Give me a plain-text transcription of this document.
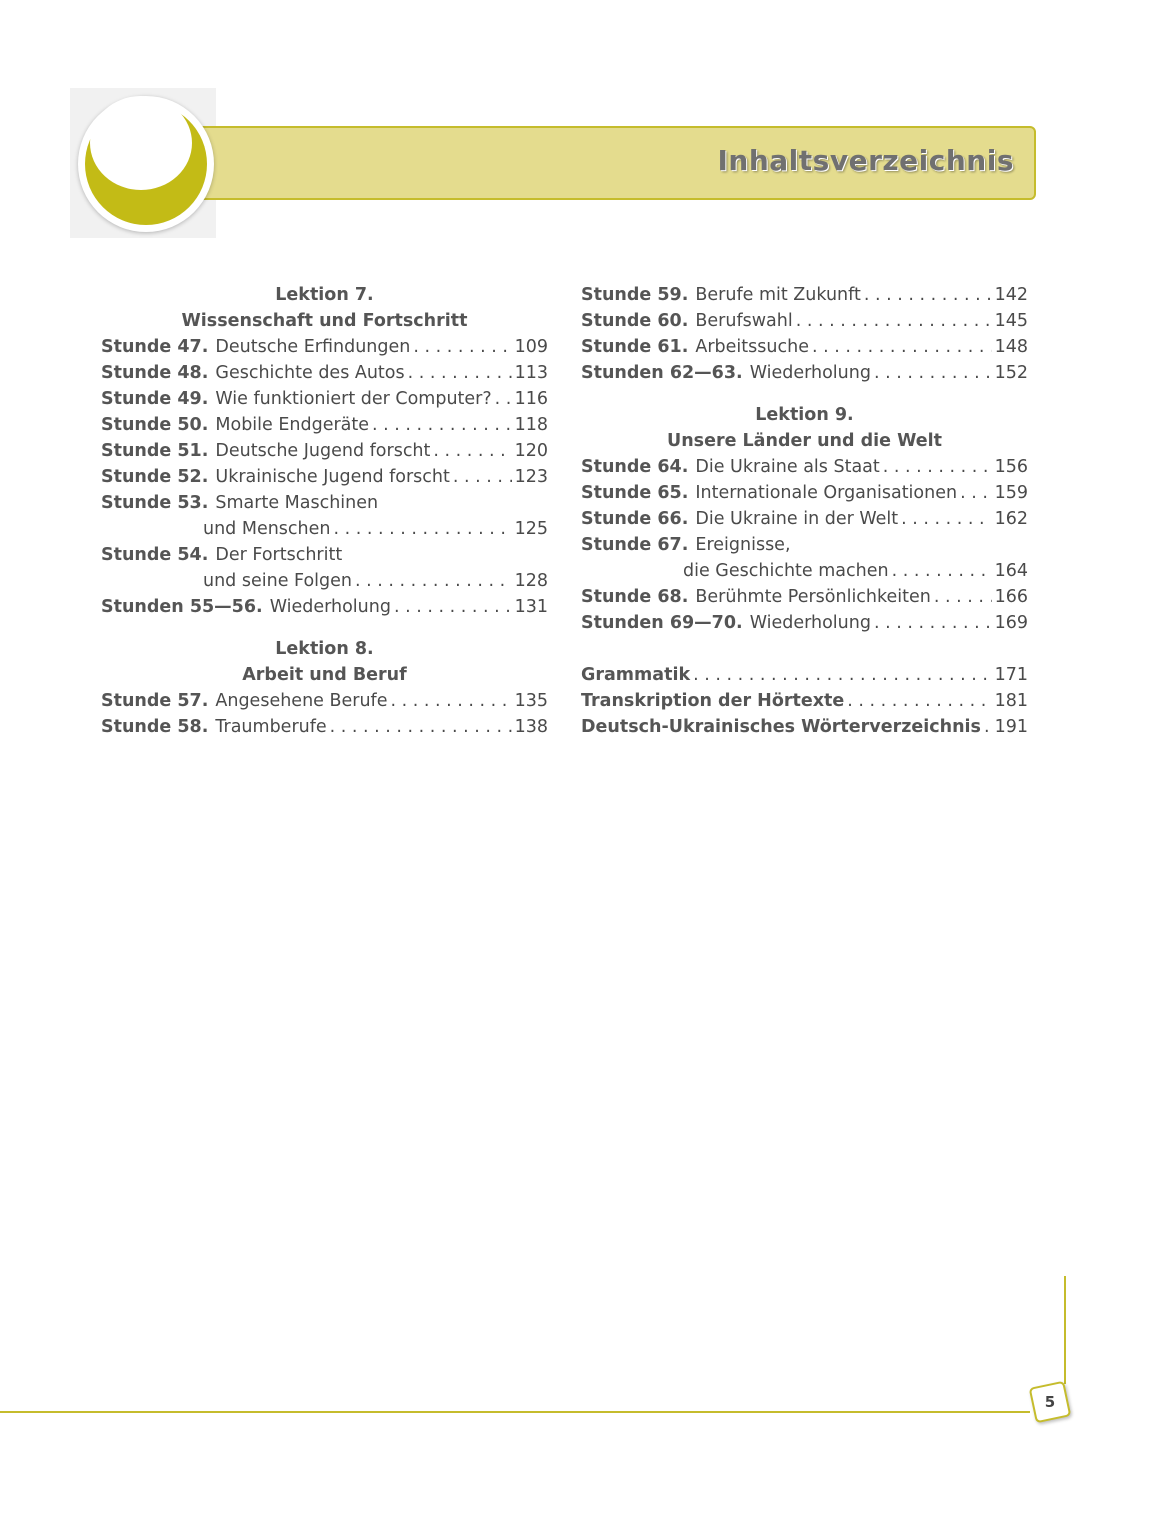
Inhaltsverzeichnis
Lektion 7.
Wissenschaft und Fortschritt
Stunde 47. Deutsche Erfindungen . . .	109
Stunde 48. Geschichte des Autos . . .	113
Stunde 49. Wie funktioniert der Computer? . . . 116
Stunde 50. Mobile Endgeräte . . .	118
Stunde 51. Deutsche Jugend forscht . . .	120
Stunde 52. Ukrainische Jugend forscht . . .	123
Stunde 53. Smarte Maschinen
und Menschen . . .	125
Stunde 54. Der Fortschritt
und seine Folgen . . .	128
Stunden 55—56. Wiederholung . . .	131
Lektion 8.
Arbeit und Beruf
Stunde 57. Angesehene Berufe . . .	135
Stunde 58. Traumberufe . . .	138
Stunde 59. Berufe mit Zukunft . . .	142
Stunde 60. Berufswahl . . .	145
Stunde 61. Arbeitssuche . . .	148
Stunden 62—63. Wiederholung . . .	152
Lektion 9.
Unsere Länder und die Welt
Stunde 64. Die Ukraine als Staat . . .	156
Stunde 65. Internationale Organisationen . . . 159
Stunde 66. Die Ukraine in der Welt . . .	162
Stunde 67. Ereignisse,
die Geschichte machen . . .	164
Stunde 68. Berühmte Persönlichkeiten . . .	166
Stunden 69—70. Wiederholung . . .	169
Grammatik . . .	171
Transkription der Hörtexte . . .	181
Deutsch-Ukrainisches Wörterverzeichnis . . . 191
5
